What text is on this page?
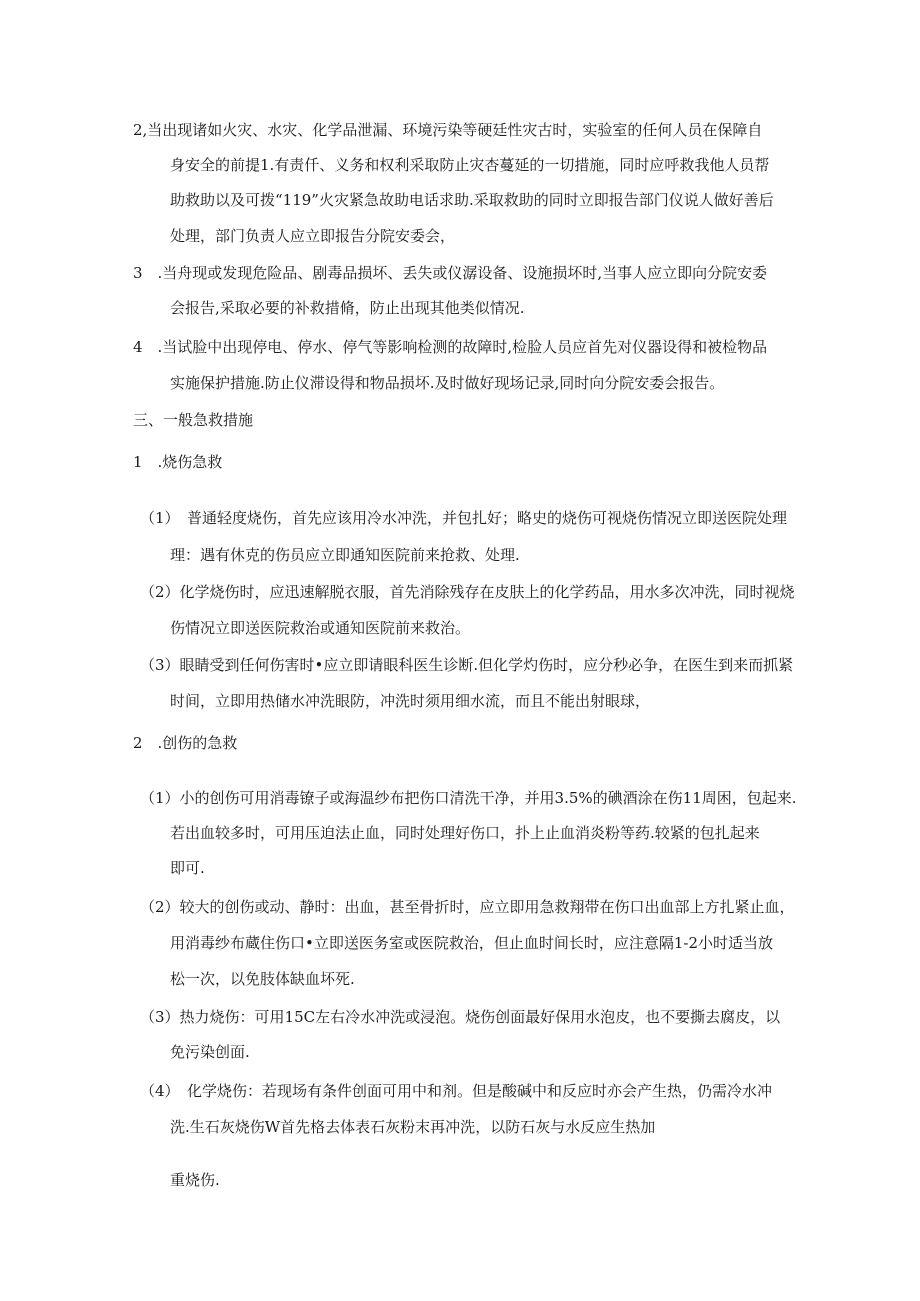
2,当出现诸如火灾、水灾、化学品泄漏、环境污染等硬廷性灾古时，实验室的任何人员在保障自
身安全的前提1.有责仟、义务和权利采取防止灾杏蔓延的一切措施，同时应呼救我他人员帮
助救助以及可拨“119”火灾紧急故助电话求助.采取救助的同时立即报告部门仪说人做好善后
处理，部门负责人应立即报告分院安委会，
3　.当舟现或发现危险品、剧毒品损坏、丢失或仪潺设备、设施损坏时,当事人应立即向分院安委
会报告,采取必要的补救措脩，防止出现其他类似情况.
4　.当试脸中出现停电、停水、停气等影响检测的故障时,检脸人员应首先对仪器设得和被检物品
实施保护措施.防止仪滞设得和物品损坏.及时做好现场记录,同时向分院安委会报告。
三、一般急救措施
1　.烧伤急救
（1）　普通轻度烧伤，首先应该用冷水冲洗，并包扎好；略史的烧伤可视烧伤情况立即送医院处理
理：遇有休克的伤员应立即通知医院前来抢救、处理.
（2）化学烧伤时，应迅速解脱衣服，首先消除残存在皮肤上的化学药品，用水多次冲洗，同时视烧
伤情况立即送医院救治或通知医院前来救治。
（3）眼睛受到任何伤害时•应立即请眼科医生诊断.但化学灼伤时，应分秒必争，在医生到来而抓紧
时间，立即用热储水冲洗眼防，冲洗时须用细水流，而且不能出射眼球，
2　.创伤的急救
（1）小的创伤可用消毒镣子或海温纱布把伤口清洗干净，并用3.5%的碘酒涂在伤11周困，包起来.
若出血较多时，可用压迫法止血，同时处理好伤口，扑上止血消炎粉等药.较紧的包扎起来
即可.
（2）较大的创伤或动、静时：出血，甚至骨折时，应立即用急救翔带在伤口出血部上方扎紧止血，
用消毒纱布蔵住伤口•立即送医务室或医院救治，但止血时间长时，应注意隔1-2小时适当放
松一次，以免肢体缺血坏死.
（3）热力烧伤：可用15C左右冷水冲洗或浸泡。烧伤创面最好保用水泡皮，也不要撕去腐皮，以
免污染创面.
（4）　化学烧伤：若现场有条件创面可用中和剂。但是酸碱中和反应时亦会产生热，仍需冷水冲
洗.生石灰烧伤W首先格去体表石灰粉末再冲洗，以防石灰与水反应生热加
重烧伤.
